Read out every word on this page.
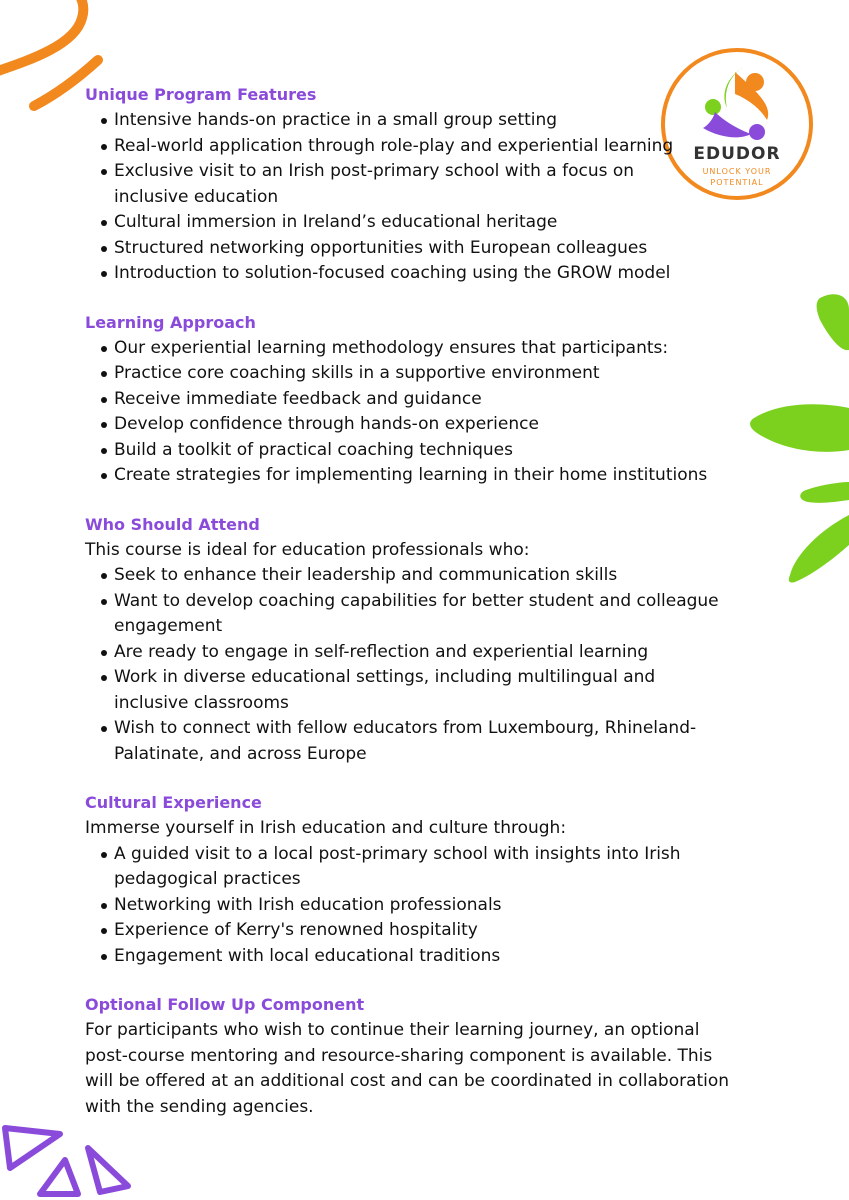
EDUDOR
UNLOCK YOUR
POTENTIAL
Unique Program Features
Intensive hands-on practice in a small group setting
Real-world application through role-play and experiential learning
Exclusive visit to an Irish post-primary school with a focus on inclusive education
Cultural immersion in Ireland’s educational heritage
Structured networking opportunities with European colleagues
Introduction to solution-focused coaching using the GROW model
Learning Approach
Our experiential learning methodology ensures that participants:
Practice core coaching skills in a supportive environment
Receive immediate feedback and guidance
Develop confidence through hands-on experience
Build a toolkit of practical coaching techniques
Create strategies for implementing learning in their home institutions
Who Should Attend

This course is ideal for education professionals who:

Seek to enhance their leadership and communication skills
Want to develop coaching capabilities for better student and colleague engagement
Are ready to engage in self-reflection and experiential learning
Work in diverse educational settings, including multilingual and inclusive classrooms
Wish to connect with fellow educators from Luxembourg, Rhineland-Palatinate, and across Europe
Cultural Experience

Immerse yourself in Irish education and culture through:

A guided visit to a local post-primary school with insights into Irish pedagogical practices
Networking with Irish education professionals
Experience of Kerry's renowned hospitality
Engagement with local educational traditions
Optional Follow Up Component

For participants who wish to continue their learning journey, an optional post-course mentoring and resource-sharing component is available. This will be offered at an additional cost and can be coordinated in collaboration with the sending agencies.
